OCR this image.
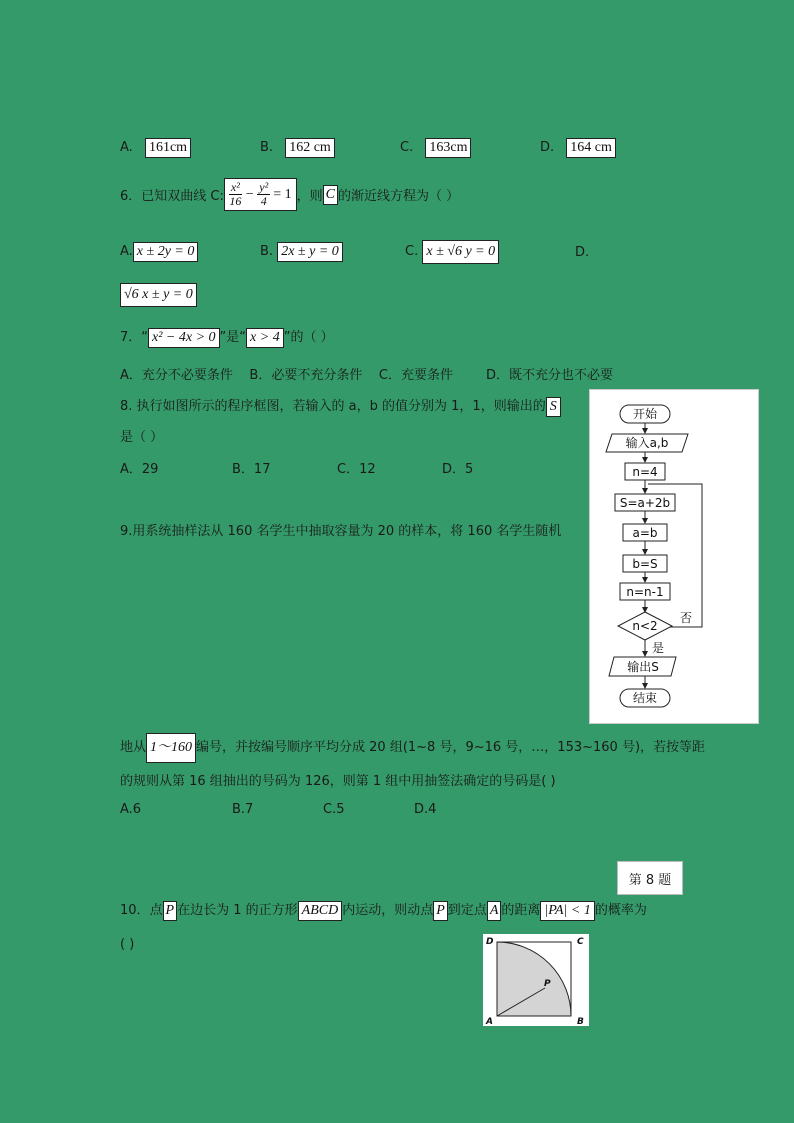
A. 161cm	B. 162 cm	C. 163cm	D. 164 cm
6．已知双曲线 C: $\frac{\text{x²}}{16} - \frac{\text{y²}}{4} = 1$ ，则 C 的渐近线方程为（ ）
A. x ± 2y = 0	B. 2x ± y = 0	C. x ± √6 y = 0	D.
√6 x ± y = 0
7．“ x² − 4x > 0 ”是“ x > 4 ”的（ ）
A．充分不必要条件    B．必要不充分条件    C．充要条件        D．既不充分也不必要
8. 执行如图所示的程序框图，若输入的 a，b 的值分别为 1，1，则输出的 S
是（ ）
A．29	B．17	C．12	D．5
9.用系统抽样法从 160 名学生中抽取容量为 20 的样本，将 160 名学生随机
地从 1～160 编号，并按编号顺序平均分成 20 组(1~8 号，9~16 号，…，153~160 号)，若按等距
的规则从第 16 组抽出的号码为 126，则第 1 组中用抽签法确定的号码是( )
A.6	B.7	C.5	D.4
开始
输入a,b
n=4
S=a+2b
a=b
b=S
n=n-1
n<2
否
是
输出S
结束
第 8 题
10．点 P 在边长为 1 的正方形 ABCD 内运动，则动点 P 到定点 A 的距离 |PA| < 1 的概率为
( )	D	C
A	B
P
